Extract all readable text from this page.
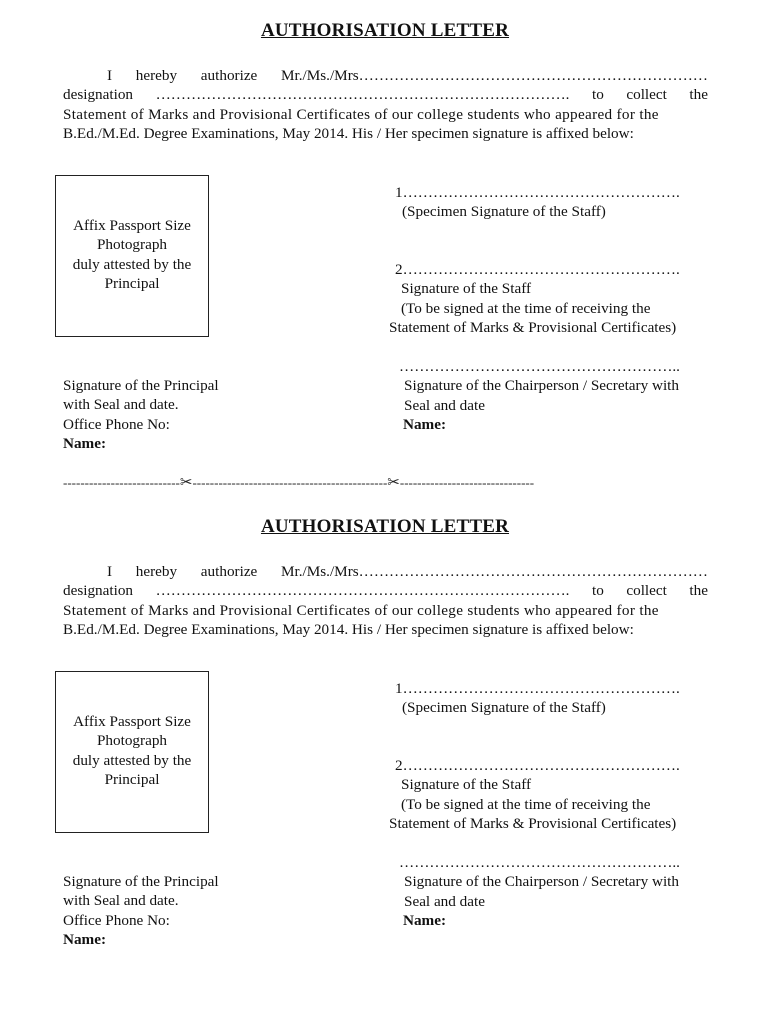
AUTHORISATION LETTER
I hereby authorize Mr./Ms./Mrs……………………………………………………………
designation ………………………………………………………………………. to collect the
Statement of Marks and Provisional Certificates of our college students who appeared for the
B.Ed./M.Ed. Degree Examinations, May 2014. His / Her specimen signature is affixed below:
Affix Passport Size
Photograph
duly attested by the
Principal
1……………………………………………….
(Specimen Signature of the Staff)
2……………………………………………….
Signature of the Staff
(To be signed at the time of receiving the
Statement of Marks & Provisional Certificates)
Signature of the Principal
with Seal and date.
Office Phone No:
Name:
………………………………………………..
Signature of the Chairperson / Secretary with
Seal and date
Name:
---------------------------✂---------------------------------------------✂-------------------------------
AUTHORISATION LETTER
I hereby authorize Mr./Ms./Mrs……………………………………………………………
designation ………………………………………………………………………. to collect the
Statement of Marks and Provisional Certificates of our college students who appeared for the
B.Ed./M.Ed. Degree Examinations, May 2014. His / Her specimen signature is affixed below:
Affix Passport Size
Photograph
duly attested by the
Principal
1……………………………………………….
(Specimen Signature of the Staff)
2……………………………………………….
Signature of the Staff
(To be signed at the time of receiving the
Statement of Marks & Provisional Certificates)
Signature of the Principal
with Seal and date.
Office Phone No:
Name:
………………………………………………..
Signature of the Chairperson / Secretary with
Seal and date
Name:
